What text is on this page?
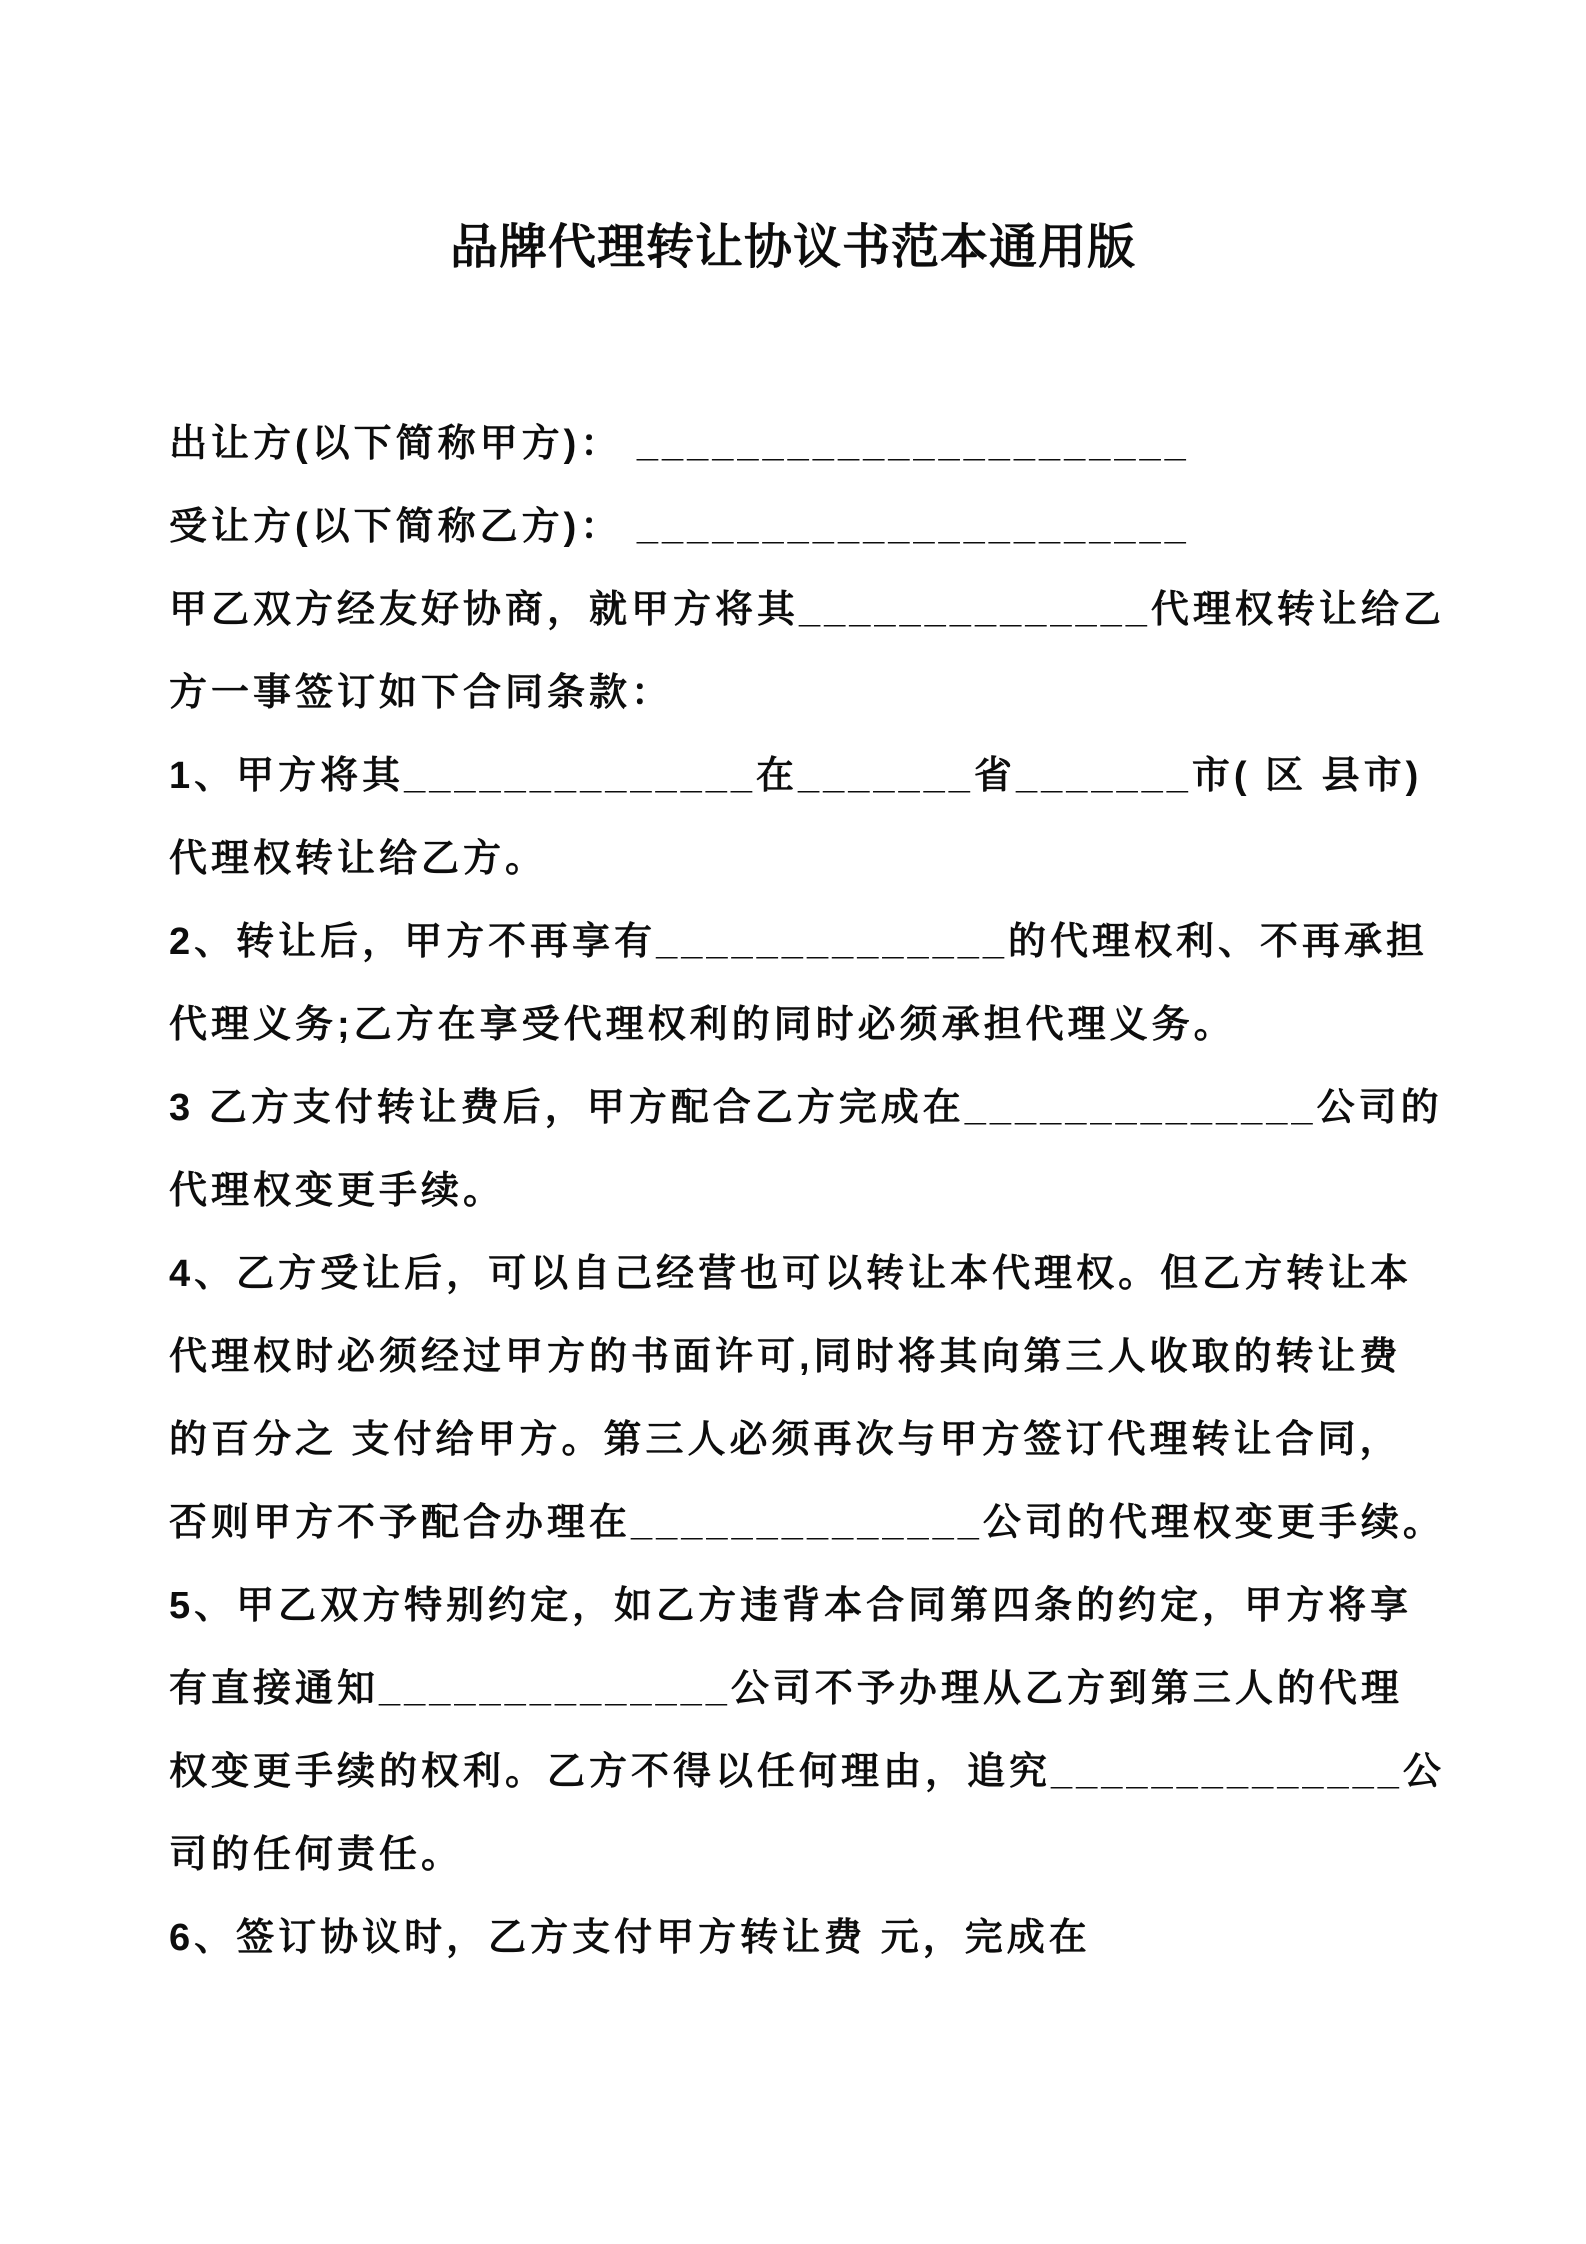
品牌代理转让协议书范本通用版
出让方(以下简称甲方)： ______________________
受让方(以下简称乙方)： ______________________
甲乙双方经友好协商，就甲方将其______________代理权转让给乙
方一事签订如下合同条款：
1、甲方将其______________在_______省_______市( 区 县市)
代理权转让给乙方。
2、转让后，甲方不再享有______________的代理权利、不再承担
代理义务;乙方在享受代理权利的同时必须承担代理义务。
3 乙方支付转让费后，甲方配合乙方完成在______________公司的
代理权变更手续。
4、乙方受让后，可以自己经营也可以转让本代理权。但乙方转让本
代理权时必须经过甲方的书面许可,同时将其向第三人收取的转让费
的百分之 支付给甲方。第三人必须再次与甲方签订代理转让合同，
否则甲方不予配合办理在______________公司的代理权变更手续。
5、甲乙双方特别约定，如乙方违背本合同第四条的约定，甲方将享
有直接通知______________公司不予办理从乙方到第三人的代理
权变更手续的权利。乙方不得以任何理由，追究______________公
司的任何责任。
6、签订协议时，乙方支付甲方转让费 元，完成在
